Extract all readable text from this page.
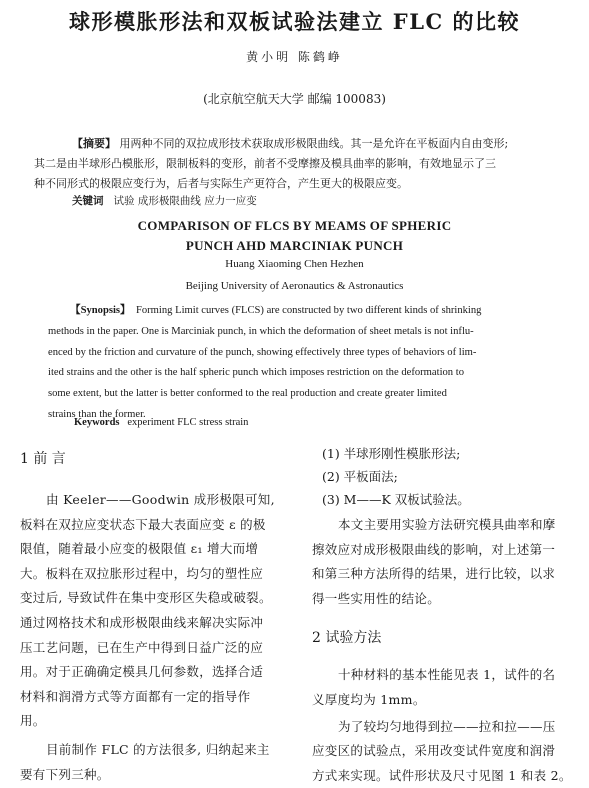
球形模胀形法和双板试验法建立 FLC 的比较
黄小明 陈鹤峥
(北京航空航天大学 邮编 100083)
【摘要】 用两种不同的双拉成形技术获取成形极限曲线。其一是允许在平板面内自由变形;
其二是由半球形凸模胀形，限制板料的变形，前者不受摩擦及模具曲率的影响，有效地显示了三
种不同形式的极限应变行为，后者与实际生产更符合，产生更大的极限应变。
关键词 试验 成形极限曲线 应力一应变
COMPARISON OF FLCS BY MEAMS OF SPHERIC
PUNCH AHD MARCINIAK PUNCH
Huang Xiaoming Chen Hezhen
Beijing University of Aeronautics & Astronautics
【Synopsis】 Forming Limit curves (FLCS) are constructed by two different kinds of shrinking
methods in the paper. One is Marciniak punch, in which the deformation of sheet metals is not influ-
enced by the friction and curvature of the punch, showing effectively three types of behaviors of lim-
ited strains and the other is the half spheric punch which imposes restriction on the deformation to
some extent, but the latter is better conformed to the real production and create greater limited
strains than the former.
Keywords experiment FLC stress strain
1 前 言
由 Keeler——Goodwin 成形极限可知,
板料在双拉应变状态下最大表面应变 ε 的极
限值，随着最小应变的极限值 ε₁ 增大而增
大。板料在双拉胀形过程中，均匀的塑性应
变过后, 导致试件在集中变形区失稳或破裂。
通过网格技术和成形极限曲线来解决实际冲
压工艺问题，已在生产中得到日益广泛的应
用。对于正确确定模具几何参数，选择合适
材料和润滑方式等方面都有一定的指导作
用。
目前制作 FLC 的方法很多, 归纳起来主
要有下列三种。
(1) 半球形刚性模胀形法;
(2) 平板面法;
(3) M——K 双板试验法。
本文主要用实验方法研究模具曲率和摩
擦效应对成形极限曲线的影响，对上述第一
和第三种方法所得的结果，进行比较，以求
得一些实用性的结论。
2 试验方法
十种材料的基本性能见表 1，试件的名
义厚度均为 1mm。
为了较均匀地得到拉——拉和拉——压
应变区的试验点，采用改变试件宽度和润滑
方式来实现。试件形状及尺寸见图 1 和表 2。
